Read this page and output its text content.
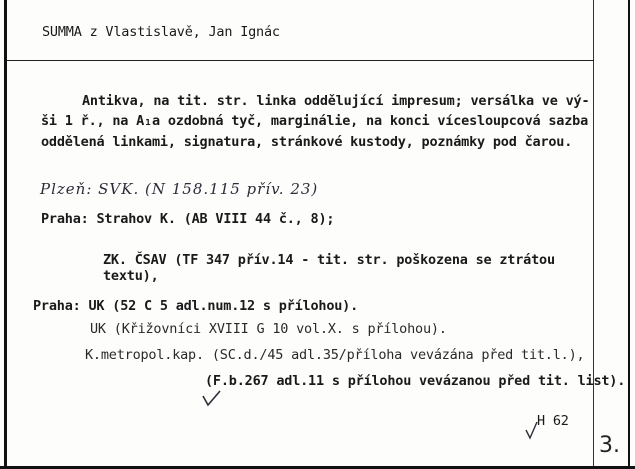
SUMMA z Vlastislavě, Jan Ignác
Antikva, na tit. str. linka oddělující impresum; versálka ve vý-
ši 1 ř., na A₁a ozdobná tyč, marginálie, na konci vícesloupcová sazba
oddělená linkami, signatura, stránkové kustody, poznámky pod čarou.
Plzeň: SVK. (N 158.115 přív. 23)
Praha: Strahov K. (AB VIII 44 č., 8);
ZK. ČSAV (TF 347 přív.14 - tit. str. poškozena se ztrátou
textu),
Praha: UK (52 C 5 adl.num.12 s přílohou).
UK (Křižovníci XVIII G 10 vol.X. s přílohou).
K.metropol.kap. (SC.d./45 adl.35/příloha vevázána před tit.l.),
(F.b.267 adl.11 s přílohou vevázanou před tit. list).
H 62
3.
